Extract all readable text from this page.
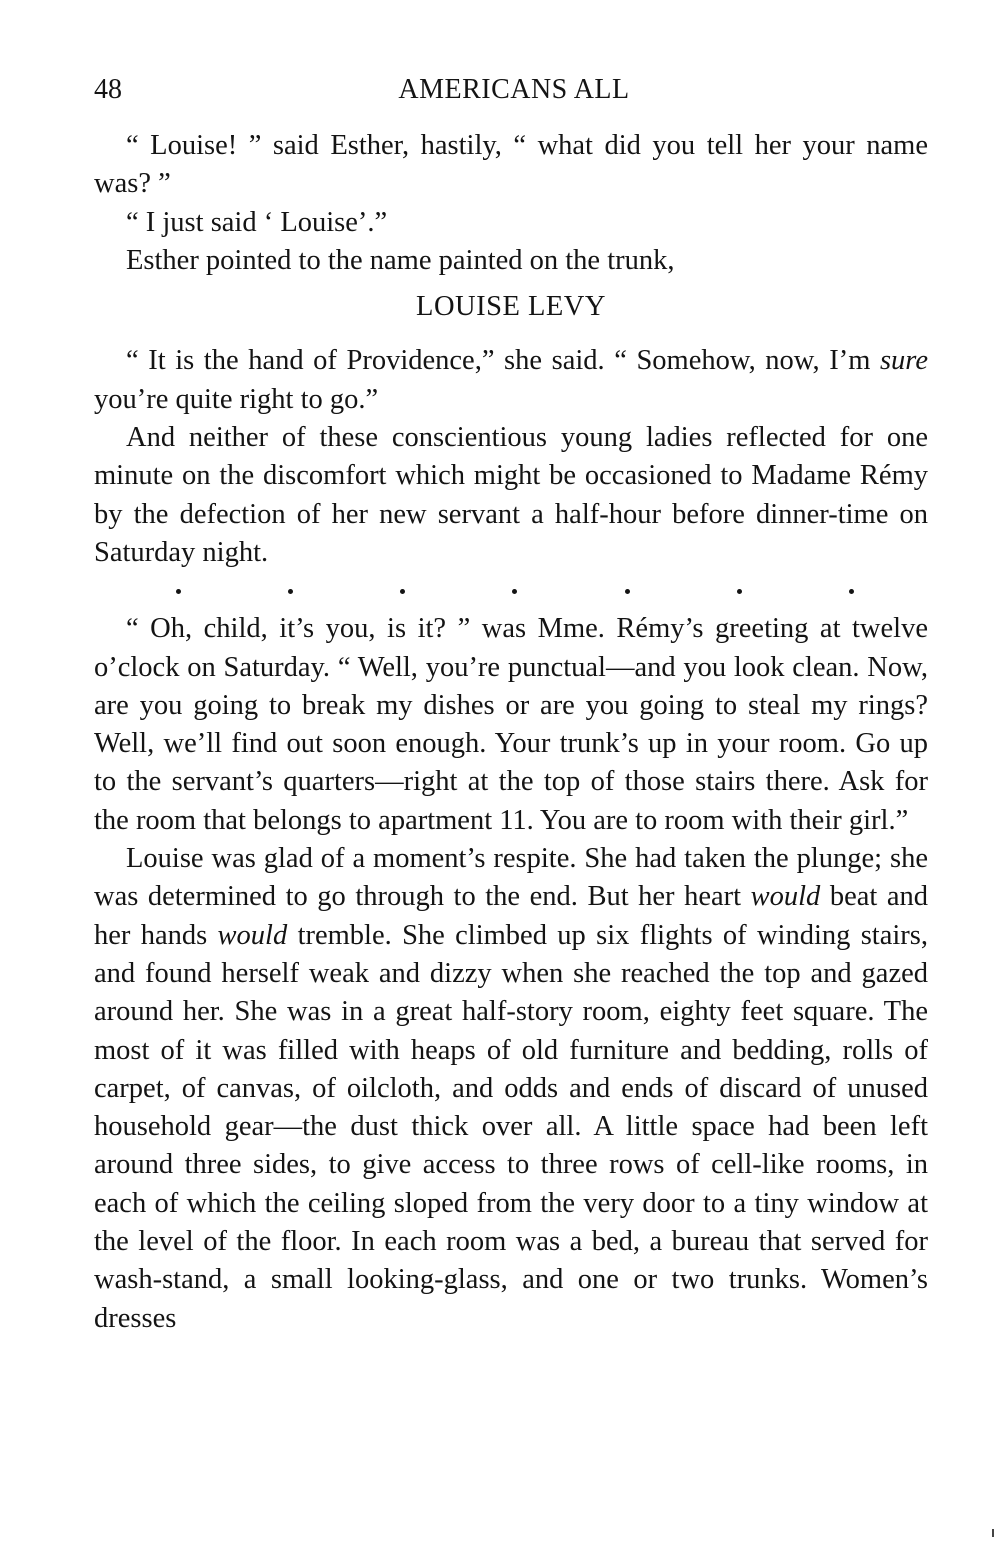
48	AMERICANS ALL

“ Louise! ” said Esther, hastily, “ what did you tell her your name was? ”

“ I just said ‘ Louise’.”

Esther pointed to the name painted on the trunk,

LOUISE LEVY

“ It is the hand of Providence,” she said. “ Somehow, now, I’m sure you’re quite right to go.”

And neither of these conscientious young ladies reflected for one minute on the discomfort which might be occasioned to Madame Rémy by the defection of her new servant a half-hour before dinner-time on Saturday night.

“ Oh, child, it’s you, is it? ” was Mme. Rémy’s greeting at twelve o’clock on Saturday. “ Well, you’re punctual—and you look clean. Now, are you going to break my dishes or are you going to steal my rings? Well, we’ll find out soon enough. Your trunk’s up in your room. Go up to the servant’s quarters—right at the top of those stairs there. Ask for the room that belongs to apartment 11. You are to room with their girl.”

Louise was glad of a moment’s respite. She had taken the plunge; she was determined to go through to the end. But her heart would beat and her hands would tremble. She climbed up six flights of winding stairs, and found herself weak and dizzy when she reached the top and gazed around her. She was in a great half-story room, eighty feet square. The most of it was filled with heaps of old furniture and bedding, rolls of carpet, of canvas, of oilcloth, and odds and ends of discard of unused household gear—the dust thick over all. A little space had been left around three sides, to give access to three rows of cell-like rooms, in each of which the ceiling sloped from the very door to a tiny window at the level of the floor. In each room was a bed, a bureau that served for wash-stand, a small looking-glass, and one or two trunks. Women’s dresses
